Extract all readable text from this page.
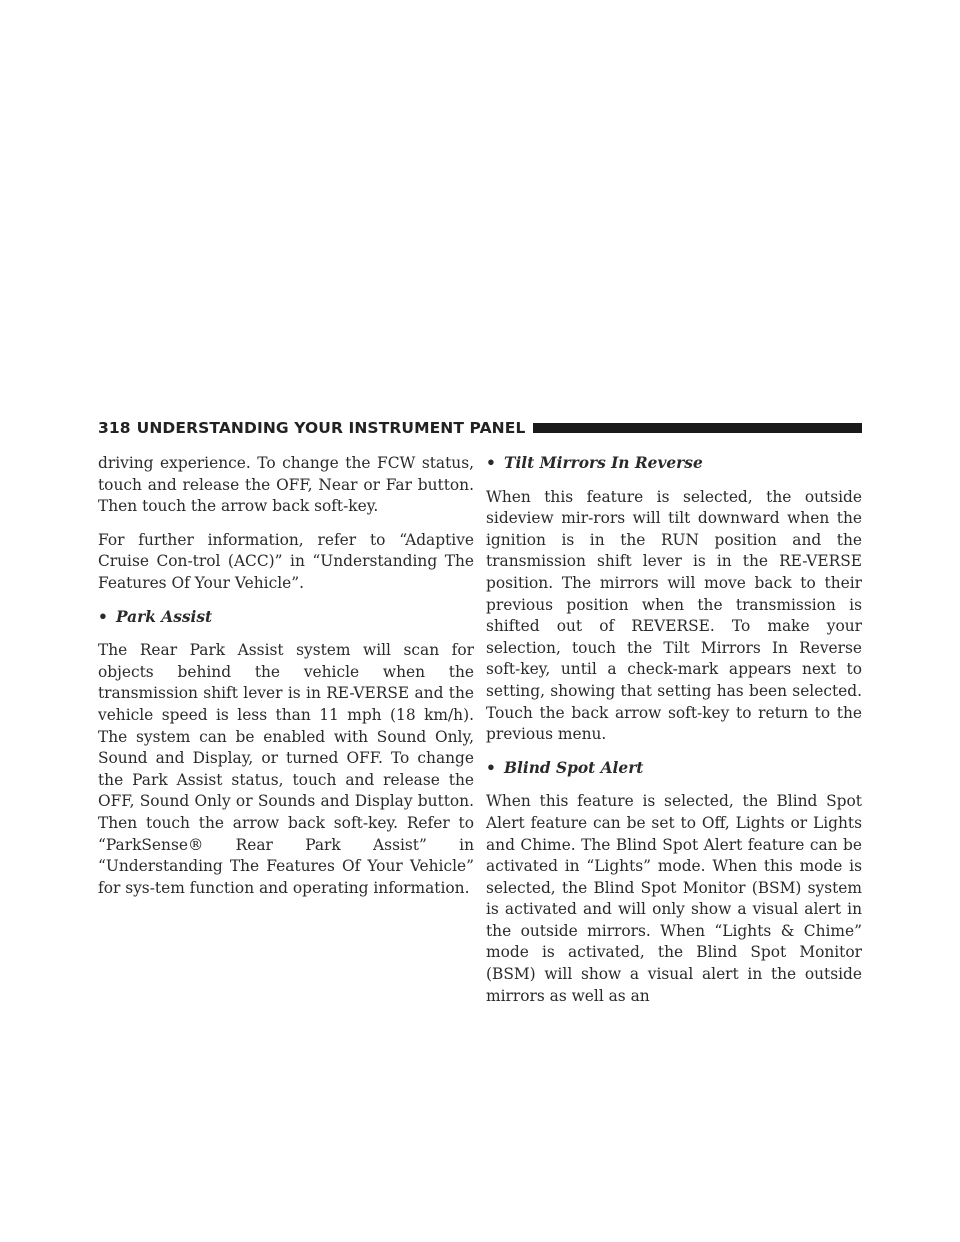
318 UNDERSTANDING YOUR INSTRUMENT PANEL

driving experience. To change the FCW status, touch and release the OFF, Near or Far button. Then touch the arrow back soft-key.

For further information, refer to “Adaptive Cruise Con-trol (ACC)” in “Understanding The Features Of Your Vehicle”.

• Park Assist

The Rear Park Assist system will scan for objects behind the vehicle when the transmission shift lever is in RE-VERSE and the vehicle speed is less than 11 mph (18 km/h). The system can be enabled with Sound Only, Sound and Display, or turned OFF. To change the Park Assist status, touch and release the OFF, Sound Only or Sounds and Display button. Then touch the arrow back soft-key. Refer to “ParkSense® Rear Park Assist” in “Understanding The Features Of Your Vehicle” for sys-tem function and operating information.

• Tilt Mirrors In Reverse

When this feature is selected, the outside sideview mir-rors will tilt downward when the ignition is in the RUN position and the transmission shift lever is in the RE-VERSE position. The mirrors will move back to their previous position when the transmission is shifted out of REVERSE. To make your selection, touch the Tilt Mirrors In Reverse soft-key, until a check-mark appears next to setting, showing that setting has been selected. Touch the back arrow soft-key to return to the previous menu.

• Blind Spot Alert

When this feature is selected, the Blind Spot Alert feature can be set to Off, Lights or Lights and Chime. The Blind Spot Alert feature can be activated in “Lights” mode. When this mode is selected, the Blind Spot Monitor (BSM) system is activated and will only show a visual alert in the outside mirrors. When “Lights & Chime” mode is activated, the Blind Spot Monitor (BSM) will show a visual alert in the outside mirrors as well as an
